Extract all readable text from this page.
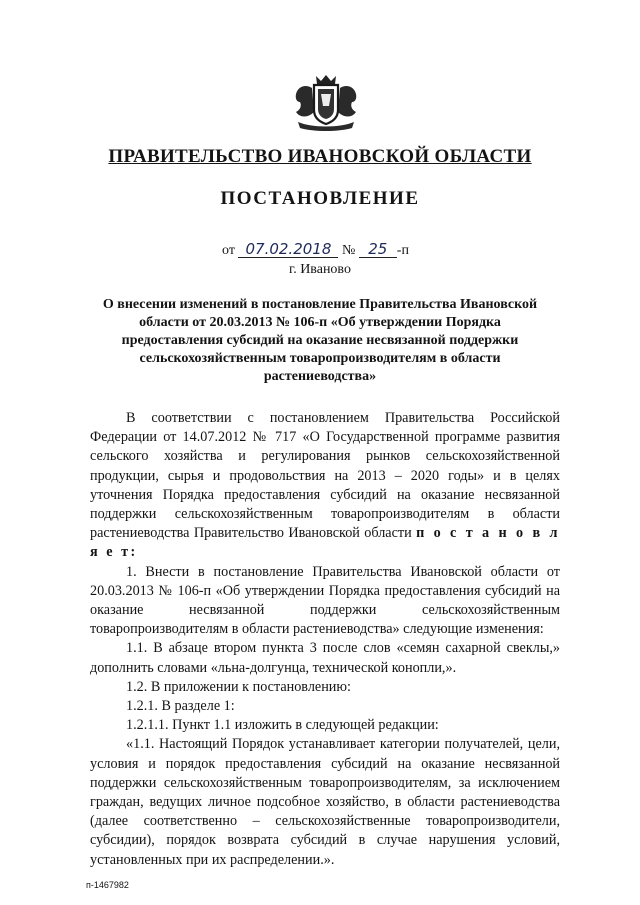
ПРАВИТЕЛЬСТВО ИВАНОВСКОЙ ОБЛАСТИ
ПОСТАНОВЛЕНИЕ
от 07.02.2018 № 25 -п
г. Иваново
О внесении изменений в постановление Правительства Ивановской области от 20.03.2013 № 106-п «Об утверждении Порядка предоставления субсидий на оказание несвязанной поддержки сельскохозяйственным товаропроизводителям в области растениеводства»

В соответствии с постановлением Правительства Российской Федерации от 14.07.2012 № 717 «О Государственной программе развития сельского хозяйства и регулирования рынков сельскохозяйственной продукции, сырья и продовольствия на 2013 – 2020 годы» и в целях уточнения Порядка предоставления субсидий на оказание несвязанной поддержки сельскохозяйственным товаропроизводителям в области растениеводства Правительство Ивановской области п о с т а н о в л я е т:

1. Внести в постановление Правительства Ивановской области от 20.03.2013 № 106-п «Об утверждении Порядка предоставления субсидий на оказание несвязанной поддержки сельскохозяйственным товаропроизводителям в области растениеводства» следующие изменения:

1.1. В абзаце втором пункта 3 после слов «семян сахарной свеклы,» дополнить словами «льна-долгунца, технической конопли,».

1.2. В приложении к постановлению:

1.2.1. В разделе 1:

1.2.1.1. Пункт 1.1 изложить в следующей редакции:

«1.1. Настоящий Порядок устанавливает категории получателей, цели, условия и порядок предоставления субсидий на оказание несвязанной поддержки сельскохозяйственным товаропроизводителям, за исключением граждан, ведущих личное подсобное хозяйство, в области растениеводства (далее соответственно – сельскохозяйственные товаропроизводители, субсидии), порядок возврата субсидий в случае нарушения условий, установленных при их распределении.».

п-1467982
